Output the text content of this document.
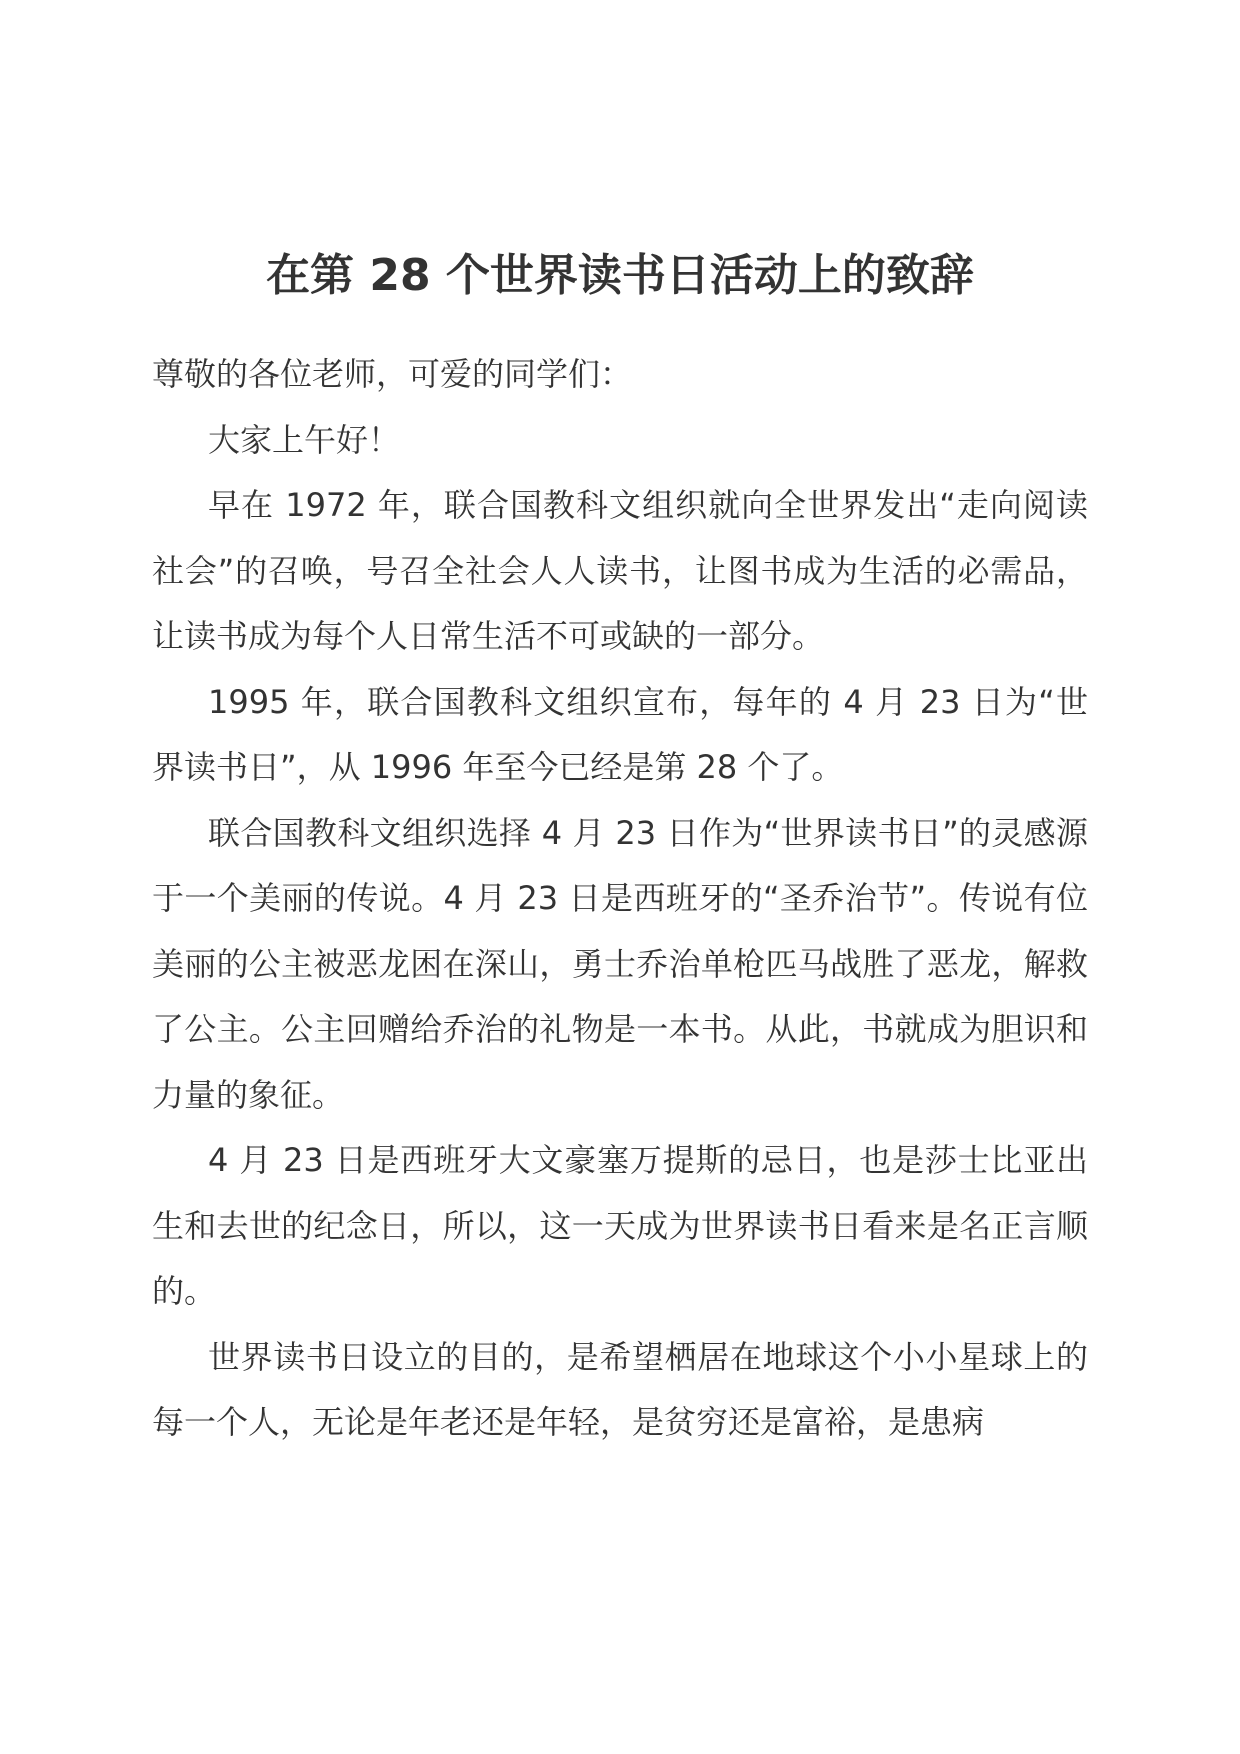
在第 28 个世界读书日活动上的致辞

尊敬的各位老师，可爱的同学们：

大家上午好！

早在 1972 年，联合国教科文组织就向全世界发出“走向阅读社会”的召唤，号召全社会人人读书，让图书成为生活的必需品，让读书成为每个人日常生活不可或缺的一部分。

1995 年，联合国教科文组织宣布，每年的 4 月 23 日为“世界读书日”，从 1996 年至今已经是第 28 个了。

联合国教科文组织选择 4 月 23 日作为“世界读书日”的灵感源于一个美丽的传说。4 月 23 日是西班牙的“圣乔治节”。传说有位美丽的公主被恶龙困在深山，勇士乔治单枪匹马战胜了恶龙，解救了公主。公主回赠给乔治的礼物是一本书。从此，书就成为胆识和力量的象征。

4 月 23 日是西班牙大文豪塞万提斯的忌日，也是莎士比亚出生和去世的纪念日，所以，这一天成为世界读书日看来是名正言顺的。

世界读书日设立的目的，是希望栖居在地球这个小小星球上的每一个人，无论是年老还是年轻，是贫穷还是富裕，是患病
